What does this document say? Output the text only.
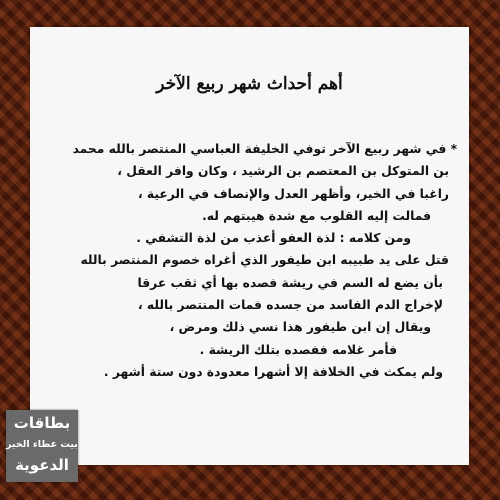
أهم أحداث شهر ربيع الآخر
* في شهر ربيع الآخر توفي الخليفة العباسي المنتصر بالله محمد
بن المتوكل بن المعتصم بن الرشيد ، وكان وافر العقل ،
راغبا في الخير، وأظهر العدل والإنصاف في الرعية ،
فمالت إليه القلوب مع شدة هيبتهم له.
ومن كلامه : لذة العفو أعذب من لذة التشفي .
قتل على يد طبيبه ابن طيفور الذي أغراه خصوم المنتصر بالله
بأن يضع له السم في ريشة فصده بها أي ثقب عرقا
لإخراج الدم الفاسد من جسده فمات المنتصر بالله ،
ويقال إن ابن طيفور هذا نسي ذلك ومرض ،
فأمر غلامه ففصده بتلك الريشة .
ولم يمكث في الخلافة إلا أشهرا معدودة دون ستة أشهر .
بطاقات
بيت عطاء الخير
الدعوية
